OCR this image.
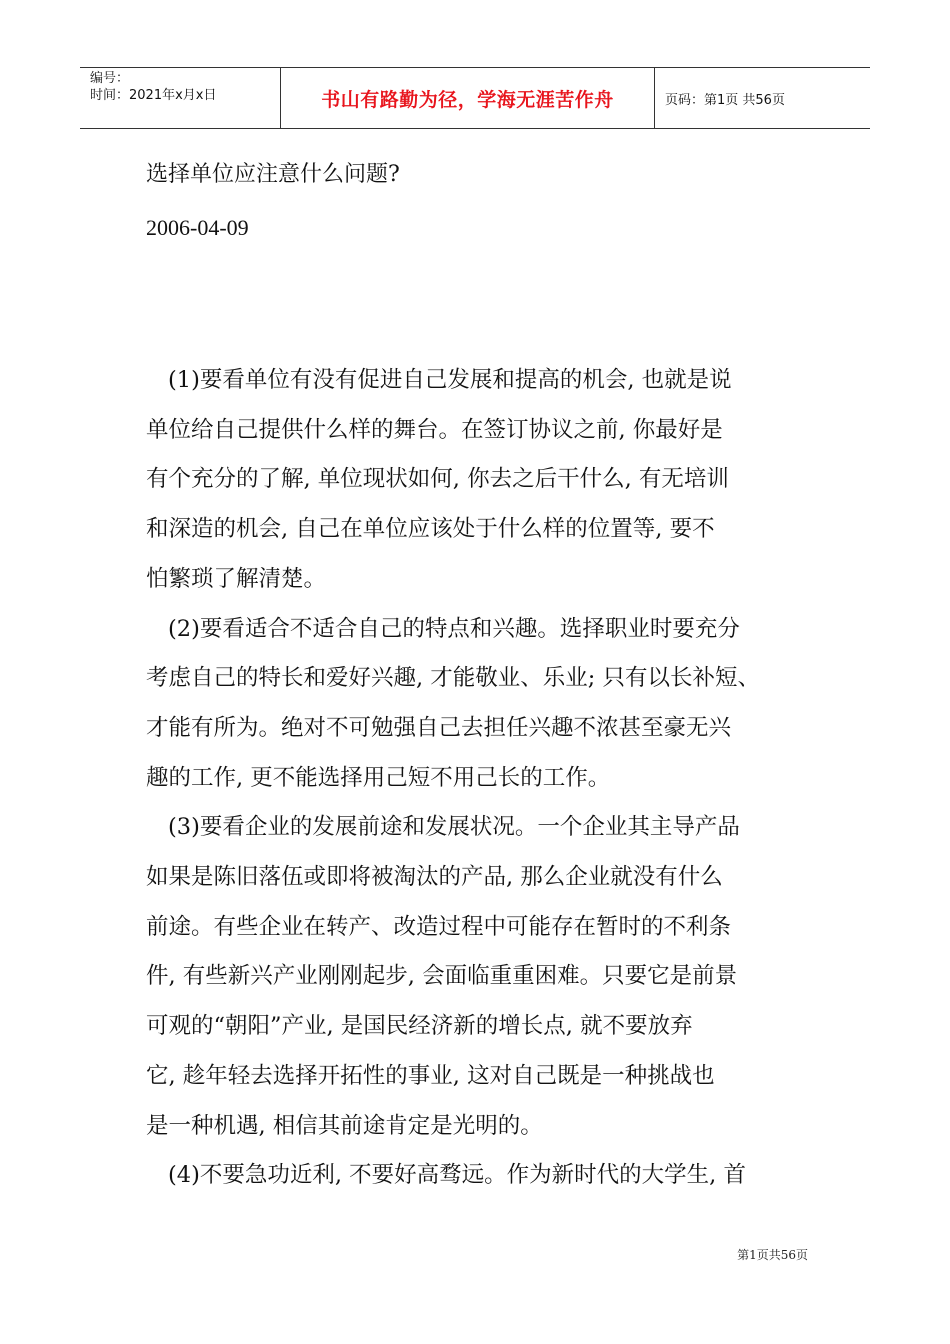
编号：
时间：2021年x月x日	书山有路勤为径，学海无涯苦作舟	页码：第1页 共56页
选择单位应注意什么问题?
2006-04-09
(1)要看单位有没有促进自己发展和提高的机会, 也就是说
单位给自己提供什么样的舞台。在签订协议之前, 你最好是
有个充分的了解, 单位现状如何, 你去之后干什么, 有无培训
和深造的机会, 自己在单位应该处于什么样的位置等, 要不
怕繁琐了解清楚。
(2)要看适合不适合自己的特点和兴趣。选择职业时要充分
考虑自己的特长和爱好兴趣, 才能敬业、乐业; 只有以长补短、
才能有所为。绝对不可勉强自己去担任兴趣不浓甚至豪无兴
趣的工作, 更不能选择用己短不用己长的工作。
(3)要看企业的发展前途和发展状况。一个企业其主导产品
如果是陈旧落伍或即将被淘汰的产品, 那么企业就没有什么
前途。有些企业在转产、改造过程中可能存在暂时的不利条
件, 有些新兴产业刚刚起步, 会面临重重困难。只要它是前景
可观的“朝阳”产业, 是国民经济新的增长点, 就不要放弃
它, 趁年轻去选择开拓性的事业, 这对自己既是一种挑战也
是一种机遇, 相信其前途肯定是光明的。
(4)不要急功近利, 不要好高骛远。作为新时代的大学生, 首
第1页共56页
